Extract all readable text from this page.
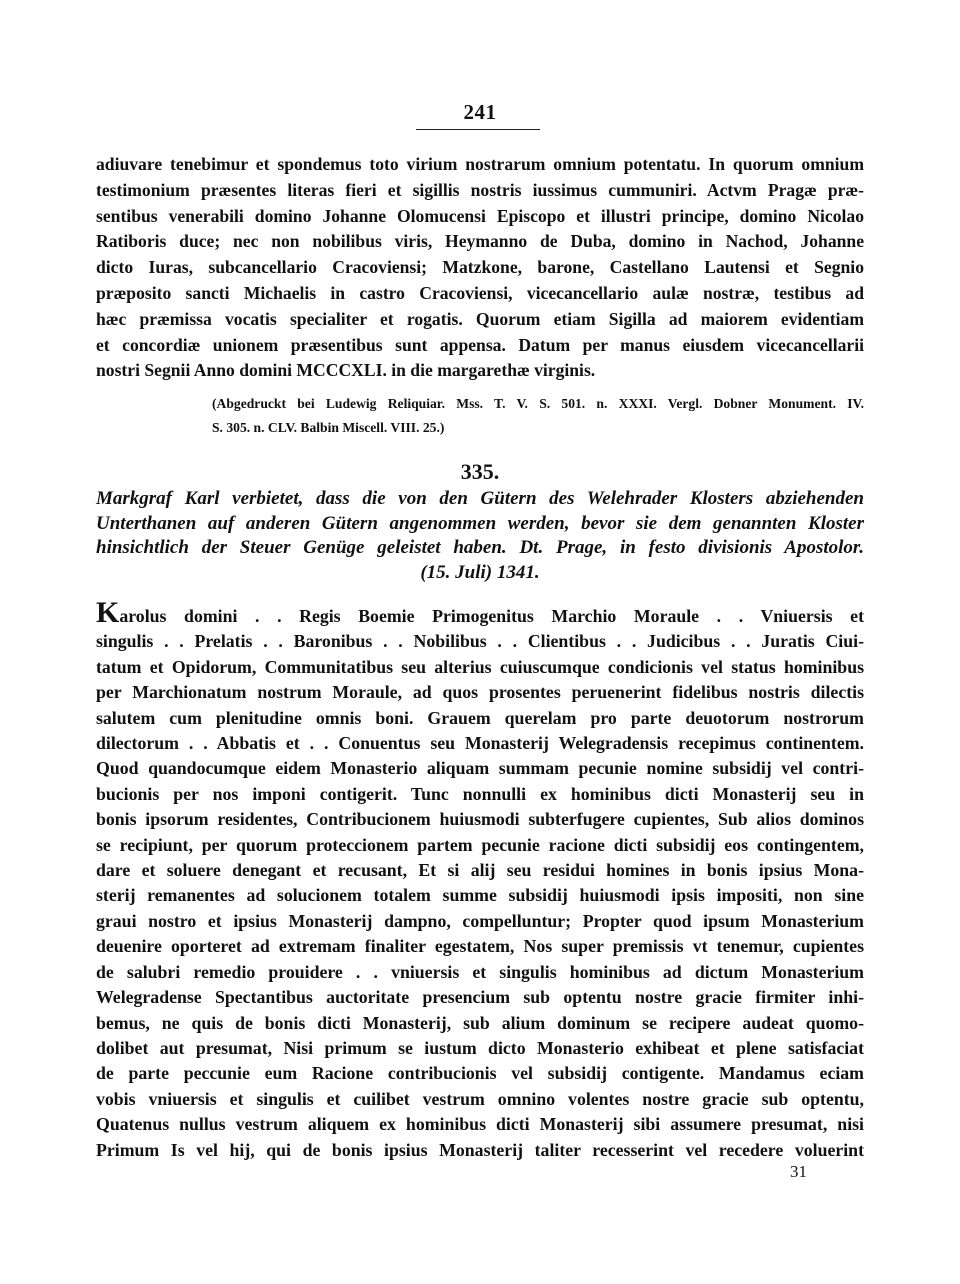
241
adiuvare tenebimur et spondemus toto virium nostrarum omnium potentatu. In quorum omnium
testimonium præsentes literas fieri et sigillis nostris iussimus cummuniri. Actvm Pragæ præ-
sentibus venerabili domino Johanne Olomucensi Episcopo et illustri principe, domino Nicolao
Ratiboris duce; nec non nobilibus viris, Heymanno de Duba, domino in Nachod, Johanne
dicto Iuras, subcancellario Cracoviensi; Matzkone, barone, Castellano Lautensi et Segnio
præposito sancti Michaelis in castro Cracoviensi, vicecancellario aulæ nostræ, testibus ad
hæc præmissa vocatis specialiter et rogatis. Quorum etiam Sigilla ad maiorem evidentiam
et concordiæ unionem præsentibus sunt appensa. Datum per manus eiusdem vicecancellarii
nostri Segnii Anno domini MCCCXLI. in die margarethæ virginis.
(Abgedruckt bei Ludewig Reliquiar. Mss. T. V. S. 501. n. XXXI. Vergl. Dobner Monument. IV.
S. 305. n. CLV. Balbin Miscell. VIII. 25.)
335.
Markgraf Karl verbietet, dass die von den Gütern des Welehrader Klosters abziehenden
Unterthanen auf anderen Gütern angenommen werden, bevor sie dem genannten Kloster
hinsichtlich der Steuer Genüge geleistet haben. Dt. Prage, in festo divisionis Apostolor.
(15. Juli) 1341.
Karolus domini . . Regis Boemie Primogenitus Marchio Moraule . . Vniuersis et
singulis . . Prelatis . . Baronibus . . Nobilibus . . Clientibus . . Judicibus . . Juratis Ciui-
tatum et Opidorum, Communitatibus seu alterius cuiuscumque condicionis vel status hominibus
per Marchionatum nostrum Moraule, ad quos prosentes peruenerint fidelibus nostris dilectis
salutem cum plenitudine omnis boni. Grauem querelam pro parte deuotorum nostrorum
dilectorum . . Abbatis et . . Conuentus seu Monasterij Welegradensis recepimus continentem.
Quod quandocumque eidem Monasterio aliquam summam pecunie nomine subsidij vel contri-
bucionis per nos imponi contigerit. Tunc nonnulli ex hominibus dicti Monasterij seu in
bonis ipsorum residentes, Contribucionem huiusmodi subterfugere cupientes, Sub alios dominos
se recipiunt, per quorum proteccionem partem pecunie racione dicti subsidij eos contingentem,
dare et soluere denegant et recusant, Et si alij seu residui homines in bonis ipsius Mona-
sterij remanentes ad solucionem totalem summe subsidij huiusmodi ipsis impositi, non sine
graui nostro et ipsius Monasterij dampno, compelluntur; Propter quod ipsum Monasterium
deuenire oporteret ad extremam finaliter egestatem, Nos super premissis vt tenemur, cupientes
de salubri remedio prouidere . . vniuersis et singulis hominibus ad dictum Monasterium
Welegradense Spectantibus auctoritate presencium sub optentu nostre gracie firmiter inhi-
bemus, ne quis de bonis dicti Monasterij, sub alium dominum se recipere audeat quomo-
dolibet aut presumat, Nisi primum se iustum dicto Monasterio exhibeat et plene satisfaciat
de parte peccunie eum Racione contribucionis vel subsidij contigente. Mandamus eciam
vobis vniuersis et singulis et cuilibet vestrum omnino volentes nostre gracie sub optentu,
Quatenus nullus vestrum aliquem ex hominibus dicti Monasterij sibi assumere presumat, nisi
Primum Is vel hij, qui de bonis ipsius Monasterij taliter recesserint vel recedere voluerint
31
